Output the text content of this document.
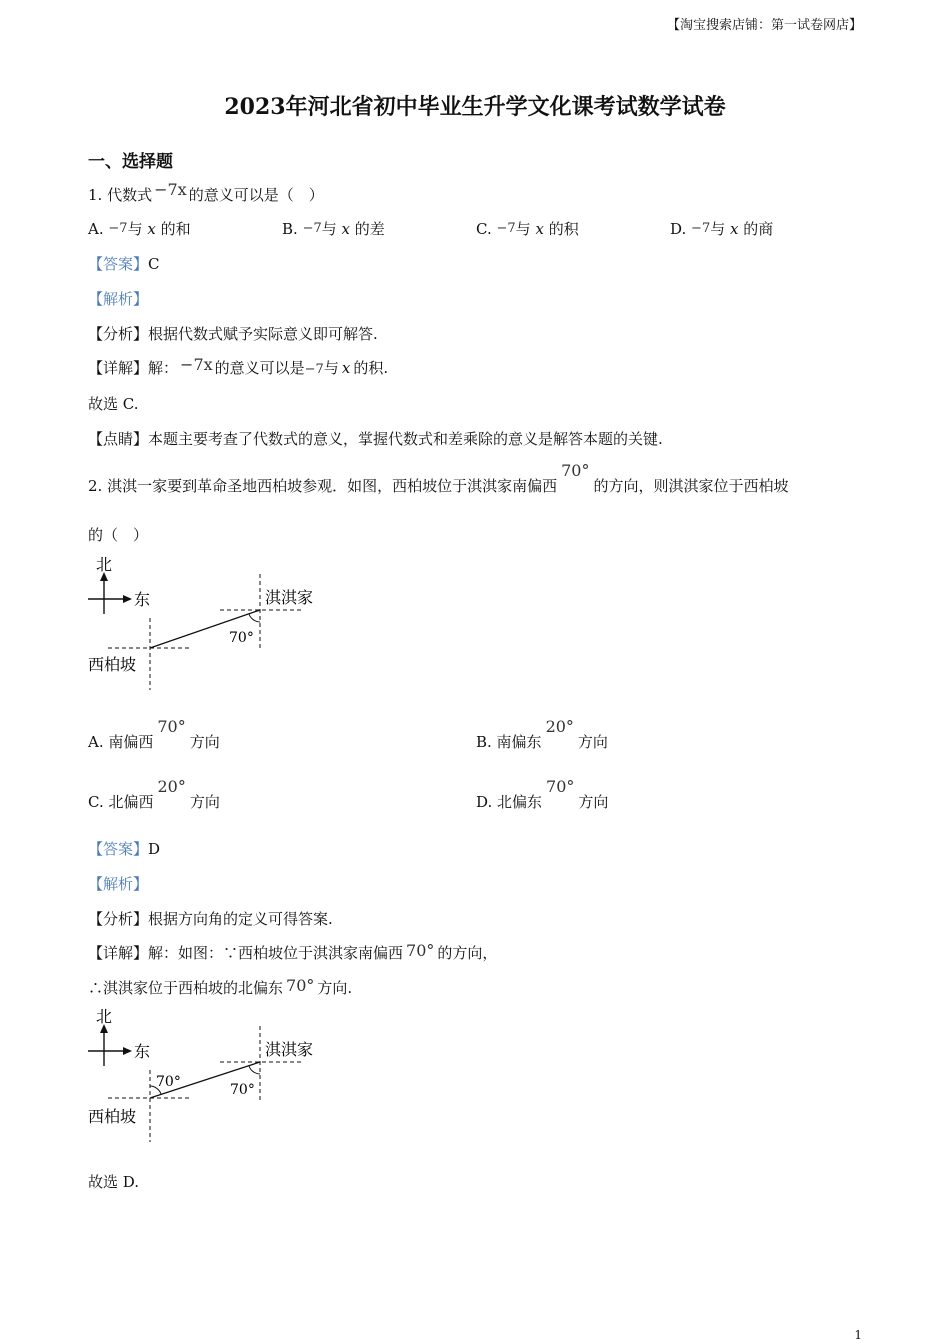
【淘宝搜索店铺：第一试卷网店】
2023年河北省初中毕业生升学文化课考试数学试卷
一、选择题
1. 代数式 −7x 的意义可以是（　）
A. −7与 x 的和	B. −7与 x 的差	C. −7与 x 的积	D. −7与 x 的商
【答案】C
【解析】
【分析】根据代数式赋予实际意义即可解答.
【详解】解： −7x 的意义可以是−7与 x 的积.
故选 C.
【点睛】本题主要考查了代数式的意义，掌握代数式和差乘除的意义是解答本题的关键.
2. 淇淇一家要到革命圣地西柏坡参观．如图，西柏坡位于淇淇家南偏西70°的方向，则淇淇家位于西柏坡
的（　）
北
东	淇淇家
西柏坡
70°
A. 南偏西70°方向	B. 南偏东20°方向
C. 北偏西20°方向	D. 北偏东70°方向
【答案】D
【解析】
【分析】根据方向角的定义可得答案.
【详解】解：如图：∵西柏坡位于淇淇家南偏西 70° 的方向，
∴淇淇家位于西柏坡的北偏东 70° 方向.
北
东	淇淇家
西柏坡
70°	70°
故选 D.
1
